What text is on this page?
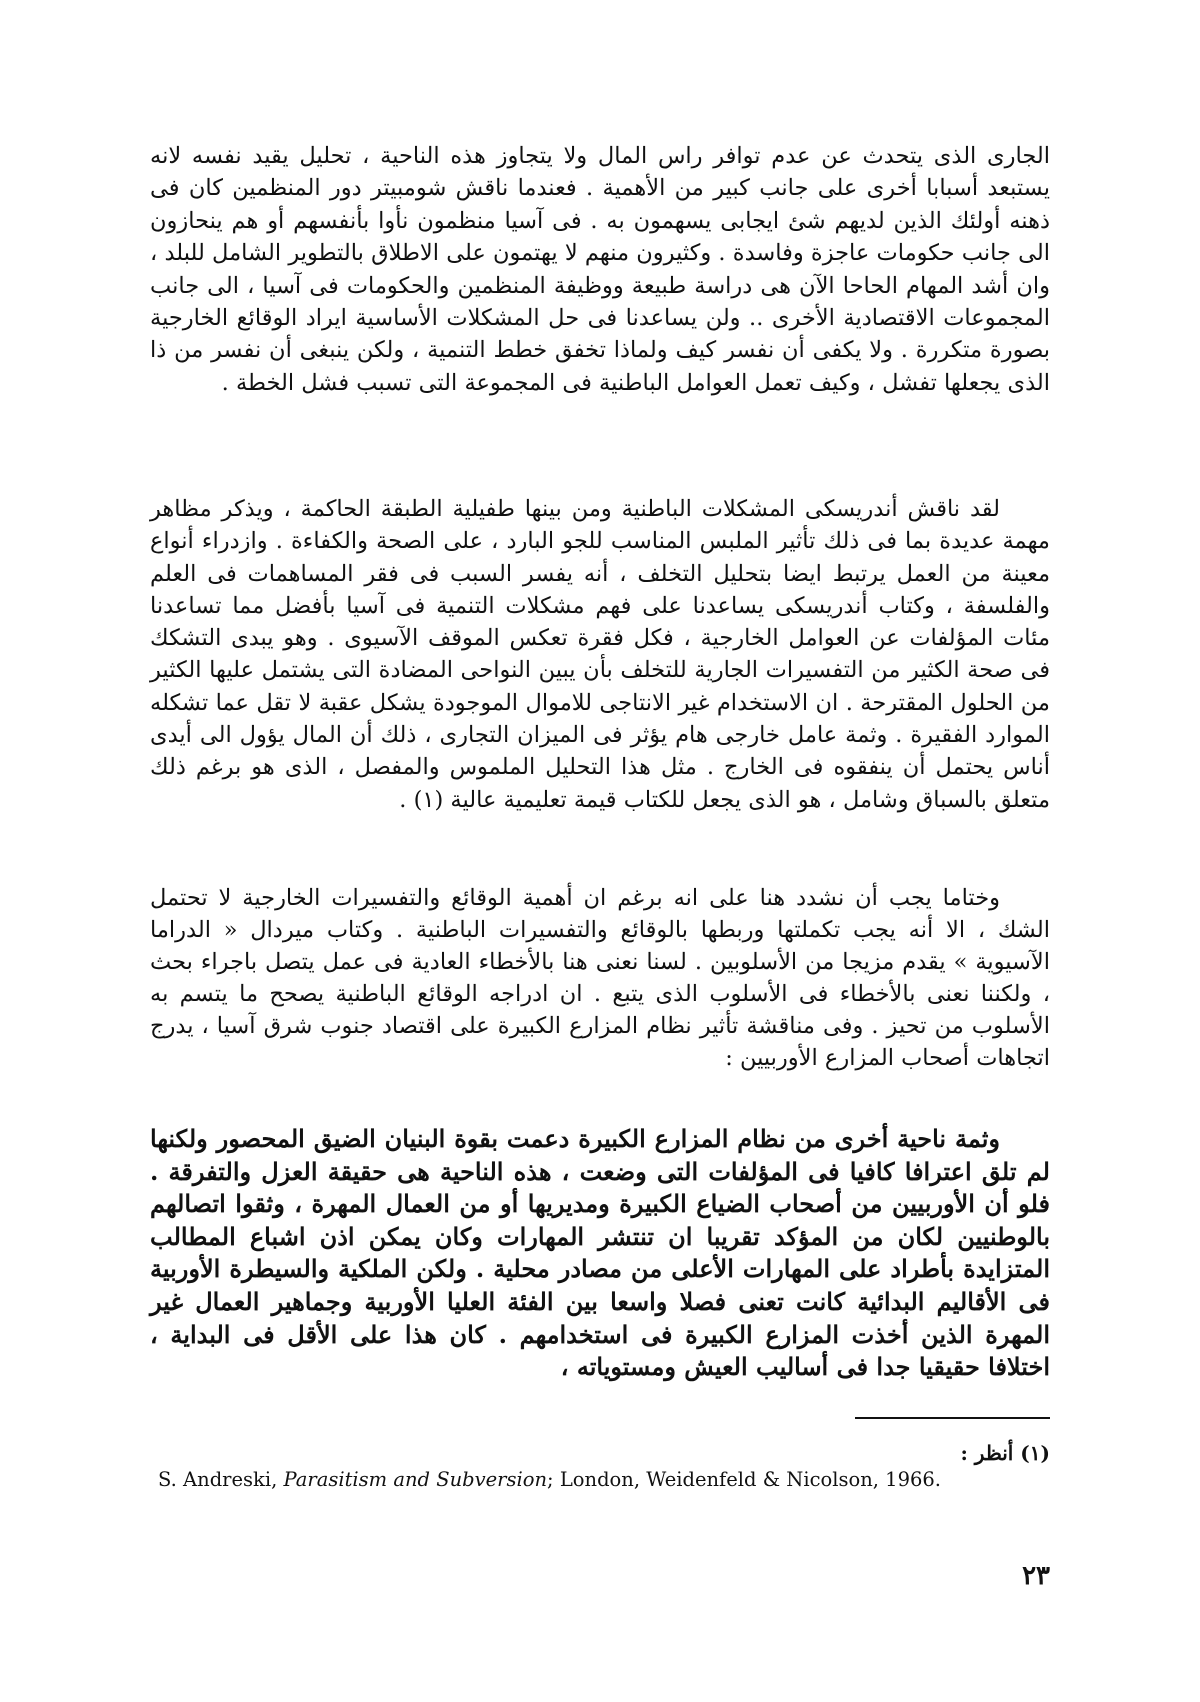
الجارى الذى يتحدث عن عدم توافر راس المال ولا يتجاوز هذه الناحية ، تحليل يقيد نفسه لانه يستبعد أسبابا أخرى على جانب كبير من الأهمية . فعندما ناقش شومبيتر دور المنظمين كان فى ذهنه أولئك الذين لديهم شئ ايجابى يسهمون به . فى آسيا منظمون نأوا بأنفسهم أو هم ينحازون الى جانب حكومات عاجزة وفاسدة . وكثيرون منهم لا يهتمون على الاطلاق بالتطوير الشامل للبلد ، وان أشد المهام الحاحا الآن هى دراسة طبيعة ووظيفة المنظمين والحكومات فى آسيا ، الى جانب المجموعات الاقتصادية الأخرى .. ولن يساعدنا فى حل المشكلات الأساسية ايراد الوقائع الخارجية بصورة متكررة . ولا يكفى أن نفسر كيف ولماذا تخفق خطط التنمية ، ولكن ينبغى أن نفسر من ذا الذى يجعلها تفشل ، وكيف تعمل العوامل الباطنية فى المجموعة التى تسبب فشل الخطة .

لقد ناقش أندريسكى المشكلات الباطنية ومن بينها طفيلية الطبقة الحاكمة ، ويذكر مظاهر مهمة عديدة بما فى ذلك تأثير الملبس المناسب للجو البارد ، على الصحة والكفاءة . وازدراء أنواع معينة من العمل يرتبط ايضا بتحليل التخلف ، أنه يفسر السبب فى فقر المساهمات فى العلم والفلسفة ، وكتاب أندريسكى يساعدنا على فهم مشكلات التنمية فى آسيا بأفضل مما تساعدنا مئات المؤلفات عن العوامل الخارجية ، فكل فقرة تعكس الموقف الآسيوى . وهو يبدى التشكك فى صحة الكثير من التفسيرات الجارية للتخلف بأن يبين النواحى المضادة التى يشتمل عليها الكثير من الحلول المقترحة . ان الاستخدام غير الانتاجى للاموال الموجودة يشكل عقبة لا تقل عما تشكله الموارد الفقيرة . وثمة عامل خارجى هام يؤثر فى الميزان التجارى ، ذلك أن المال يؤول الى أيدى أناس يحتمل أن ينفقوه فى الخارج . مثل هذا التحليل الملموس والمفصل ، الذى هو برغم ذلك متعلق بالسباق وشامل ، هو الذى يجعل للكتاب قيمة تعليمية عالية (١) .

وختاما يجب أن نشدد هنا على انه برغم ان أهمية الوقائع والتفسيرات الخارجية لا تحتمل الشك ، الا أنه يجب تكملتها وربطها بالوقائع والتفسيرات الباطنية . وكتاب ميردال « الدراما الآسيوية » يقدم مزيجا من الأسلوبين . لسنا نعنى هنا بالأخطاء العادية فى عمل يتصل باجراء بحث ، ولكننا نعنى بالأخطاء فى الأسلوب الذى يتبع . ان ادراجه الوقائع الباطنية يصحح ما يتسم به الأسلوب من تحيز . وفى مناقشة تأثير نظام المزارع الكبيرة على اقتصاد جنوب شرق آسيا ، يدرج اتجاهات أصحاب المزارع الأوربيين :

وثمة ناحية أخرى من نظام المزارع الكبيرة دعمت بقوة البنيان الضيق المحصور ولكنها لم تلق اعترافا كافيا فى المؤلفات التى وضعت ، هذه الناحية هى حقيقة العزل والتفرقة . فلو أن الأوربيين من أصحاب الضياع الكبيرة ومديريها أو من العمال المهرة ، وثقوا اتصالهم بالوطنيين لكان من المؤكد تقريبا ان تنتشر المهارات وكان يمكن اذن اشباع المطالب المتزايدة بأطراد على المهارات الأعلى من مصادر محلية . ولكن الملكية والسيطرة الأوربية فى الأقاليم البدائية كانت تعنى فصلا واسعا بين الفئة العليا الأوربية وجماهير العمال غير المهرة الذين أخذت المزارع الكبيرة فى استخدامهم . كان هذا على الأقل فى البداية ، اختلافا حقيقيا جدا فى أساليب العيش ومستوياته ،

(١) أنظر :

S. Andreski, Parasitism and Subversion; London, Weidenfeld & Nicolson, 1966.

٢٣
